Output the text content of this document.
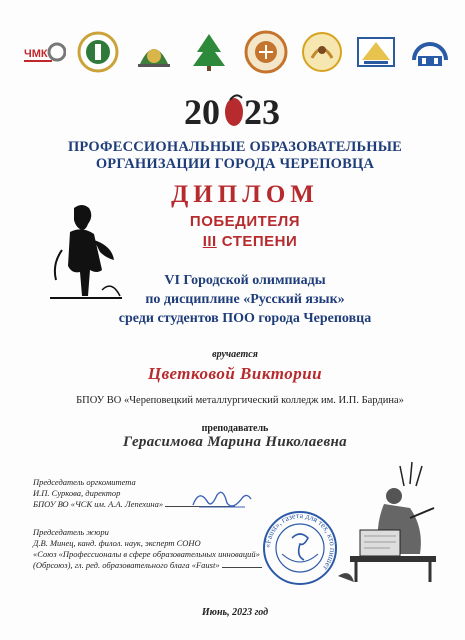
ЧМК
20 23
ПРОФЕССИОНАЛЬНЫЕ ОБРАЗОВАТЕЛЬНЫЕ
ОРГАНИЗАЦИИ ГОРОДА ЧЕРЕПОВЦА
ДИПЛОМ
ПОБЕДИТЕЛЯ
III СТЕПЕНИ
VI Городской олимпиады
по дисциплине «Русский язык»
среди студентов ПОО города Череповца
вручается
Цветковой Виктории
БПОУ ВО «Череповецкий металлургический колледж им. И.П. Бардина»
преподаватель
Герасимова Марина Николаевна
Председатель оргкомитета
И.П. Суркова, директор
БПОУ ВО «ЧСК им. А.А. Лепехина»
Председатель жюри
Д.В. Минец, канд. филол. наук, эксперт СОНО
«Союз «Профессионалы в сфере образовательных инноваций»
(Обрсоюз), гл. ред. образовательного блага «Faust»
«Faust», газета для тех, кто пишет
Июнь, 2023 год
